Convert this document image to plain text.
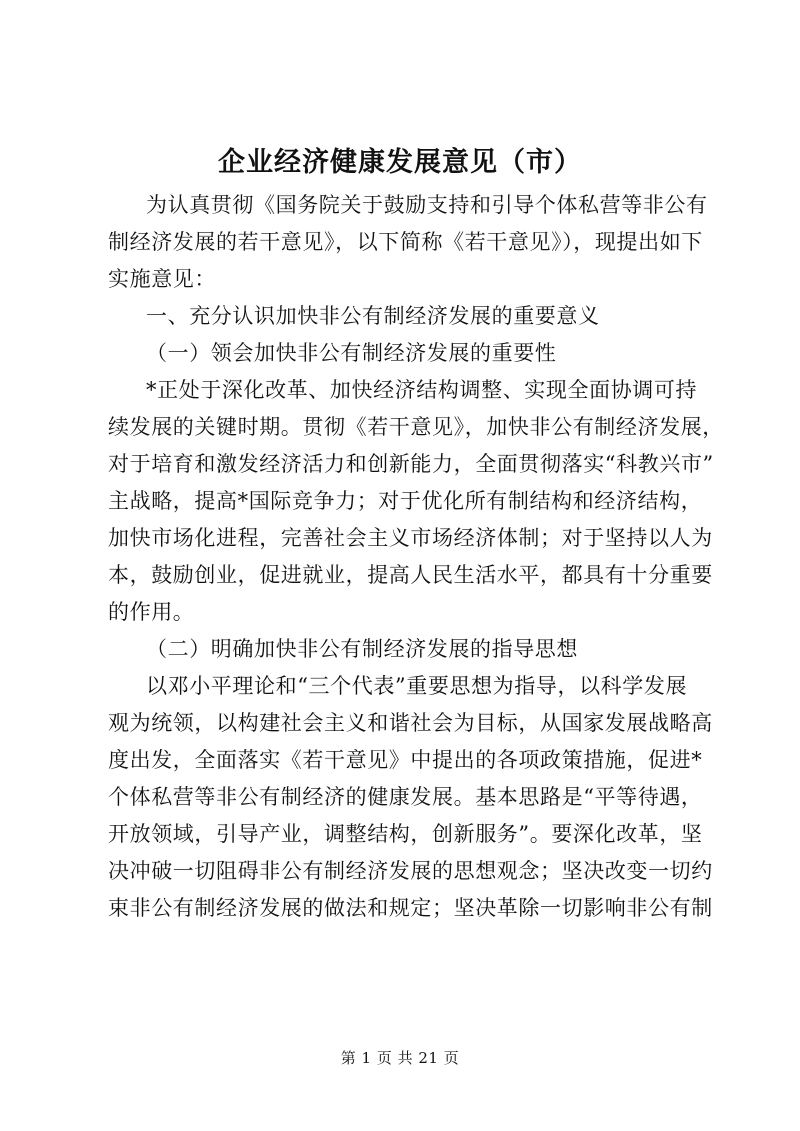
企业经济健康发展意见（市）
为认真贯彻《国务院关于鼓励支持和引导个体私营等非公有
制经济发展的若干意见》，以下简称《若干意见》），现提出如下
实施意见：
一、充分认识加快非公有制经济发展的重要意义
（一）领会加快非公有制经济发展的重要性
*正处于深化改革、加快经济结构调整、实现全面协调可持
续发展的关键时期。贯彻《若干意见》，加快非公有制经济发展，
对于培育和激发经济活力和创新能力，全面贯彻落实“科教兴市”
主战略，提高*国际竞争力；对于优化所有制结构和经济结构，
加快市场化进程，完善社会主义市场经济体制；对于坚持以人为
本，鼓励创业，促进就业，提高人民生活水平，都具有十分重要
的作用。
（二）明确加快非公有制经济发展的指导思想
以邓小平理论和“三个代表”重要思想为指导，以科学发展
观为统领，以构建社会主义和谐社会为目标，从国家发展战略高
度出发，全面落实《若干意见》中提出的各项政策措施，促进*
个体私营等非公有制经济的健康发展。基本思路是“平等待遇，
开放领域，引导产业，调整结构，创新服务”。要深化改革，坚
决冲破一切阻碍非公有制经济发展的思想观念；坚决改变一切约
束非公有制经济发展的做法和规定；坚决革除一切影响非公有制
第 1 页 共 21 页
